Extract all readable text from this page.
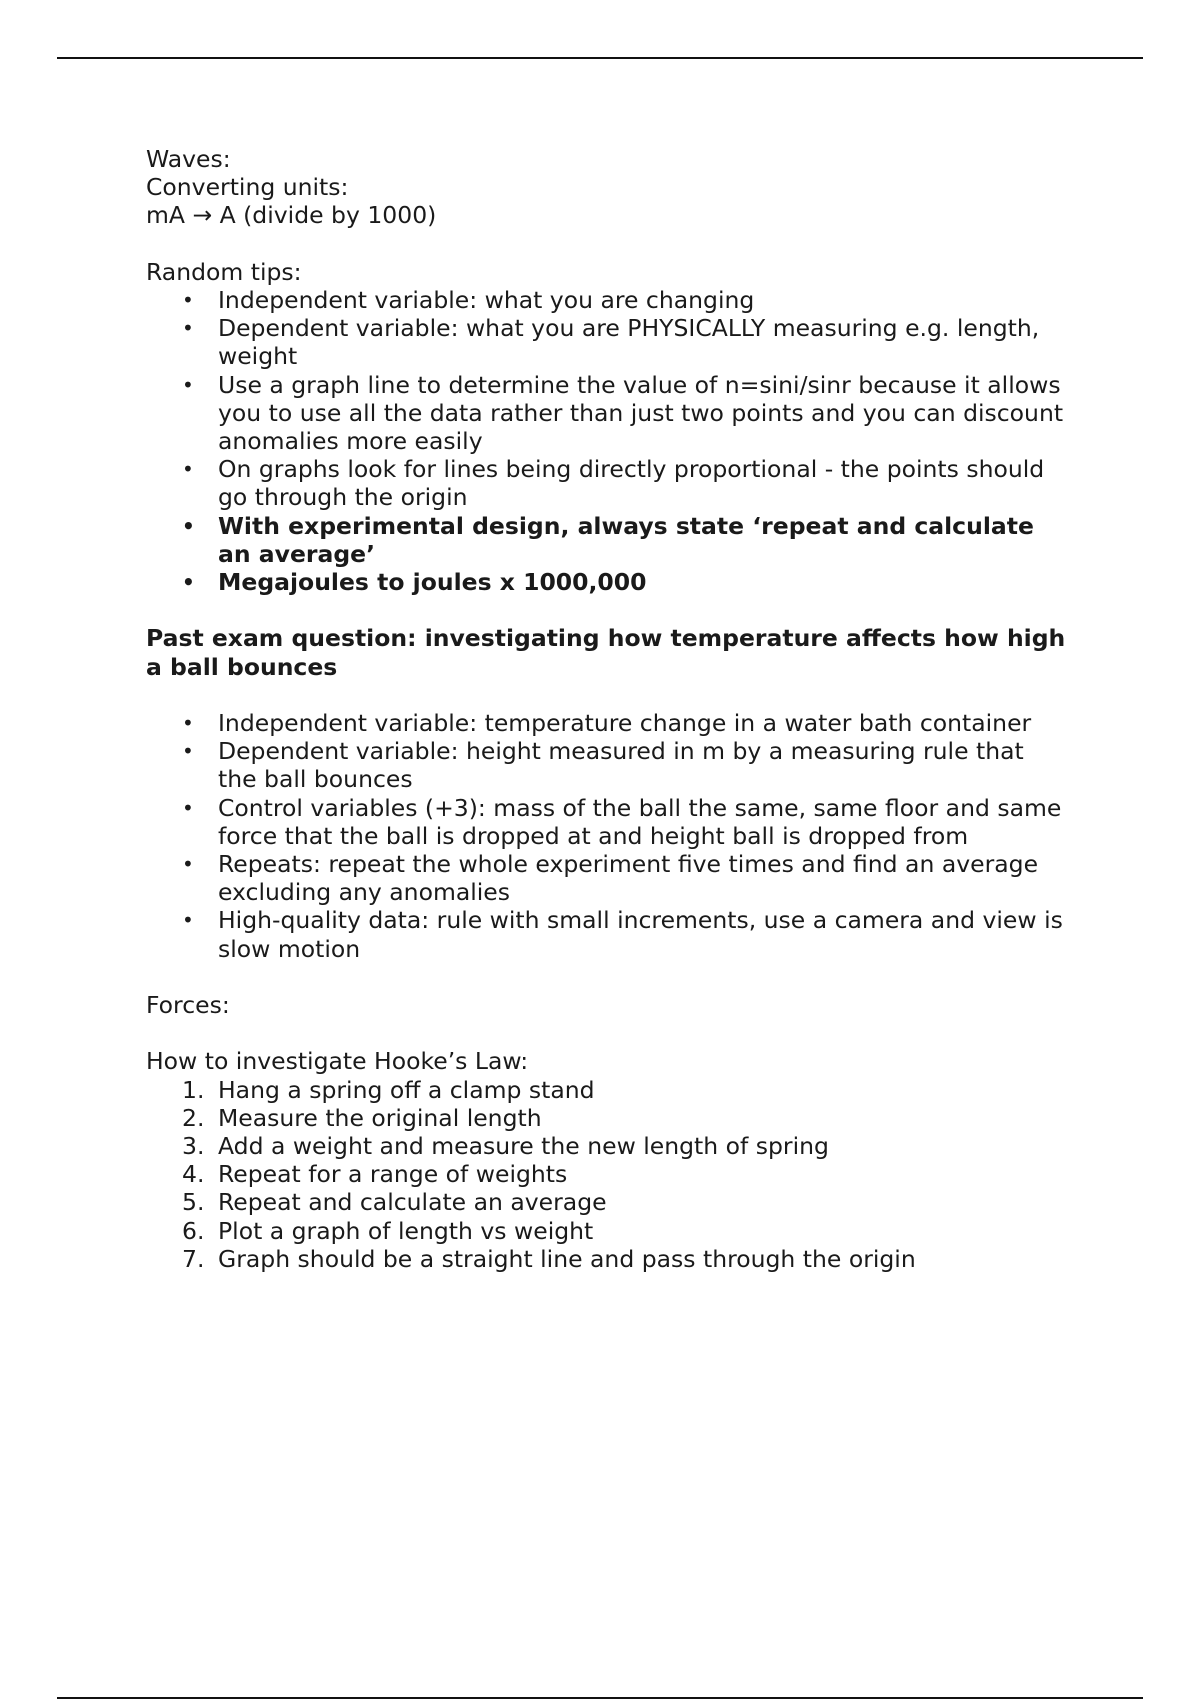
Waves:

Converting units:

mA → A (divide by 1000)

Random tips:

• Independent variable: what you are changing
• Dependent variable: what you are PHYSICALLY measuring e.g. length, weight
• Use a graph line to determine the value of n=sini/sinr because it allows you to use all the data rather than just two points and you can discount anomalies more easily
• On graphs look for lines being directly proportional - the points should go through the origin
• With experimental design, always state ‘repeat and calculate an average’
• Megajoules to joules x 1000,000

Past exam question: investigating how temperature affects how high a ball bounces

• Independent variable: temperature change in a water bath container
• Dependent variable: height measured in m by a measuring rule that the ball bounces
• Control variables (+3): mass of the ball the same, same floor and same force that the ball is dropped at and height ball is dropped from
• Repeats: repeat the whole experiment five times and find an average excluding any anomalies
• High-quality data: rule with small increments, use a camera and view is slow motion

Forces:

How to investigate Hooke’s Law:

1. Hang a spring off a clamp stand
2. Measure the original length
3. Add a weight and measure the new length of spring
4. Repeat for a range of weights
5. Repeat and calculate an average
6. Plot a graph of length vs weight
7. Graph should be a straight line and pass through the origin
